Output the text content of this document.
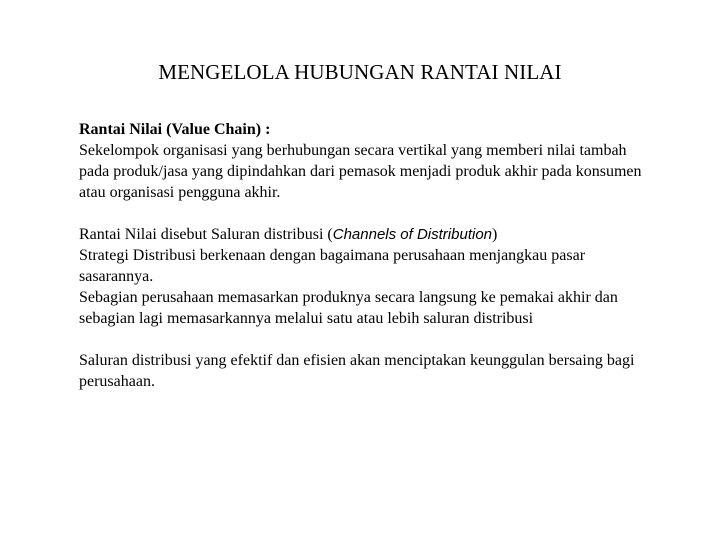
MENGELOLA HUBUNGAN RANTAI NILAI

Rantai Nilai (Value Chain) :

Sekelompok organisasi yang berhubungan secara vertikal yang memberi nilai tambah pada produk/jasa yang dipindahkan dari pemasok menjadi produk akhir pada konsumen atau organisasi pengguna akhir.

Rantai Nilai disebut Saluran distribusi (Channels of Distribution)

Strategi Distribusi berkenaan dengan bagaimana perusahaan menjangkau pasar sasarannya.

Sebagian perusahaan memasarkan produknya secara langsung ke pemakai akhir dan sebagian lagi memasarkannya melalui satu atau lebih saluran distribusi

Saluran distribusi yang efektif dan efisien akan menciptakan keunggulan bersaing bagi perusahaan.
